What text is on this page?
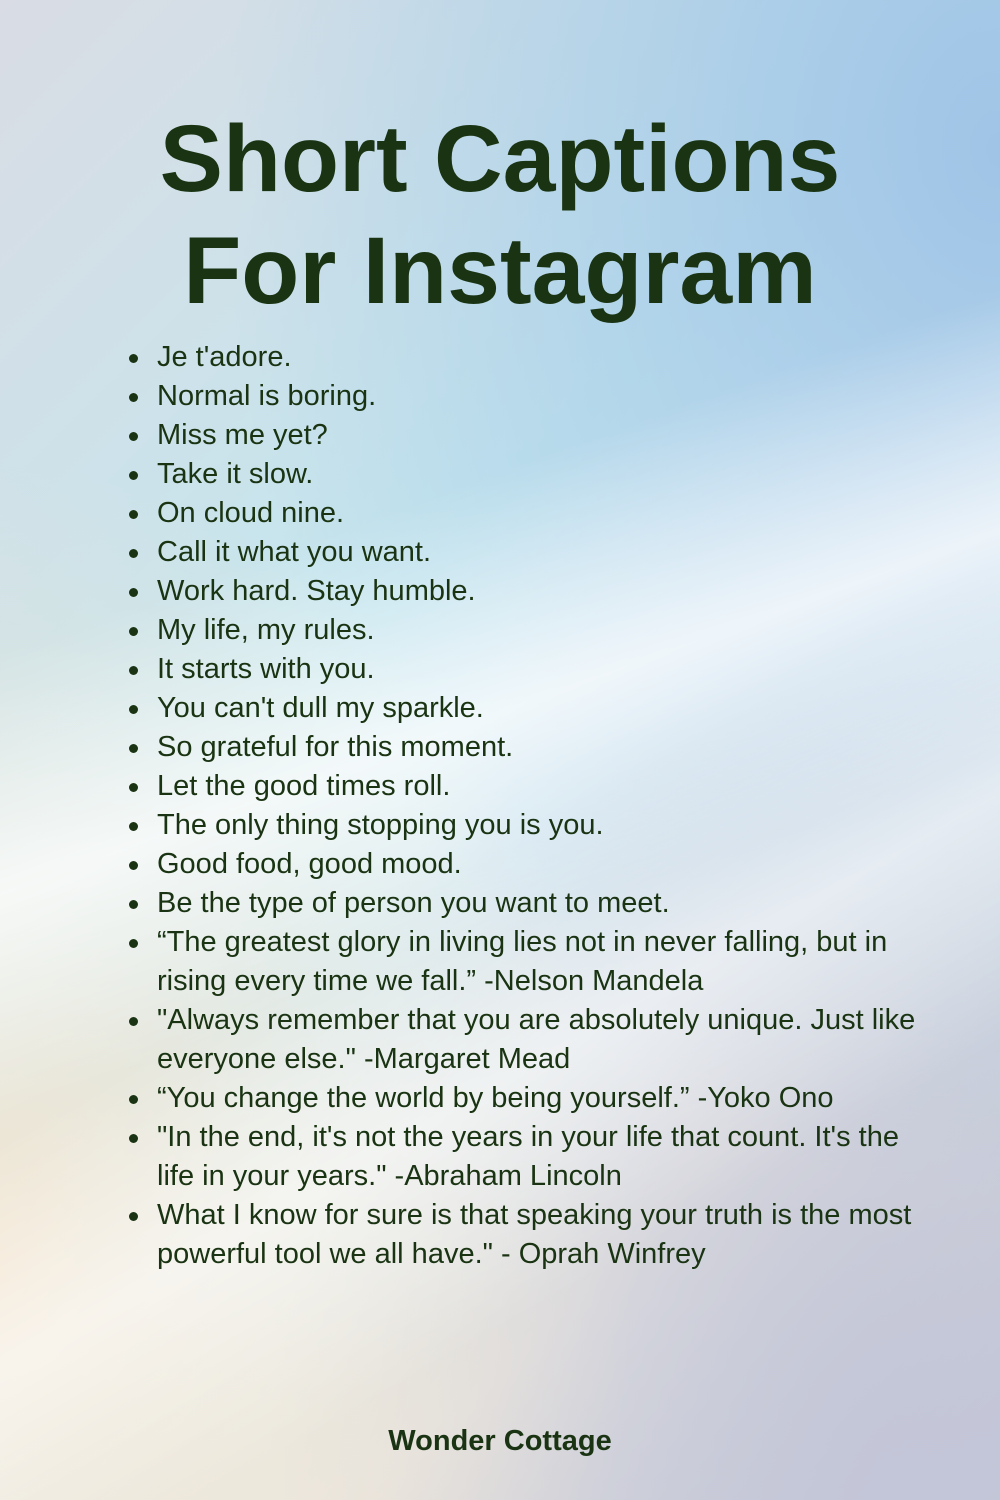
Short Captions
For Instagram
Je t'adore.
Normal is boring.
Miss me yet?
Take it slow.
On cloud nine.
Call it what you want.
Work hard. Stay humble.
My life, my rules.
It starts with you.
You can't dull my sparkle.
So grateful for this moment.
Let the good times roll.
The only thing stopping you is you.
Good food, good mood.
Be the type of person you want to meet.
“The greatest glory in living lies not in never falling, but in rising every time we fall.” -Nelson Mandela
"Always remember that you are absolutely unique. Just like everyone else." -Margaret Mead
“You change the world by being yourself.” -Yoko Ono
"In the end, it's not the years in your life that count. It's the life in your years." -Abraham Lincoln
What I know for sure is that speaking your truth is the most powerful tool we all have." - Oprah Winfrey
Wonder Cottage
